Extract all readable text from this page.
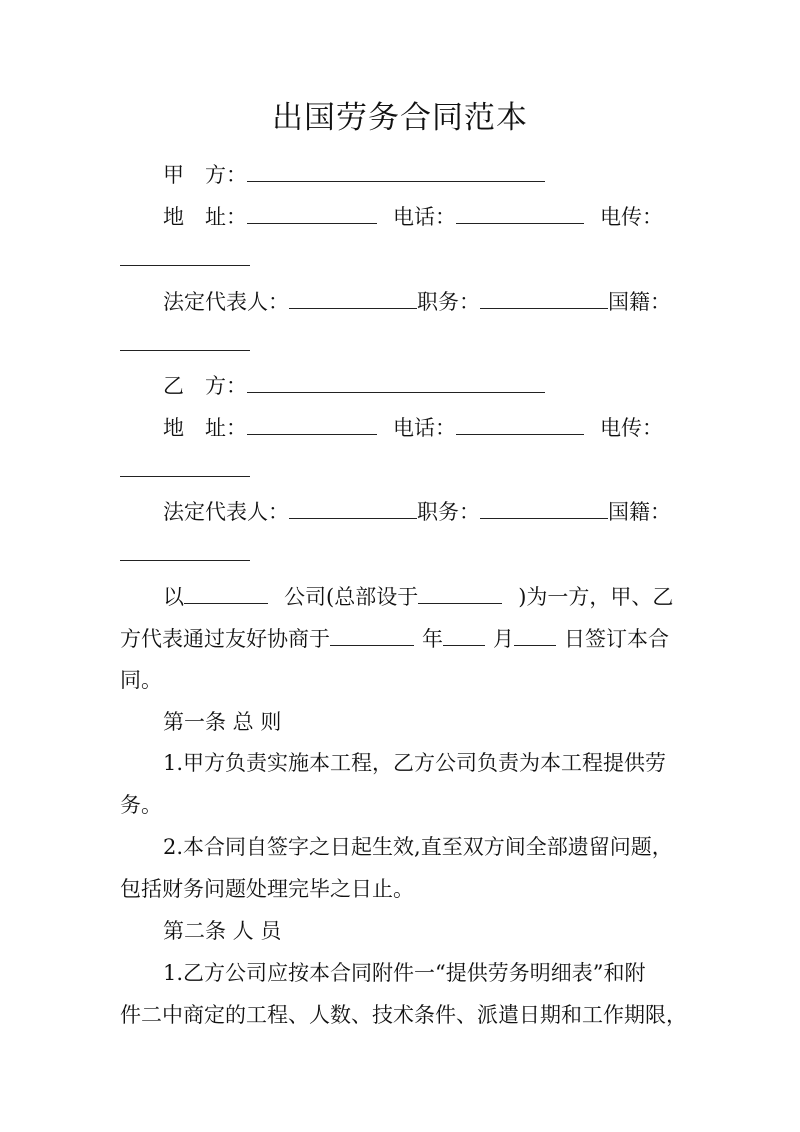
出国劳务合同范本
甲　方：
地　址：	电话：	电传：
法定代表人：	职务：	国籍：
乙　方：
地　址：	电话：	电传：
法定代表人：	职务：	国籍：
以	公司(总部设于	)为一方，甲、乙
方代表通过友好协商于	年 月 日签订本合
同。
第一条 总 则
1.甲方负责实施本工程，乙方公司负责为本工程提供劳
务。
2.本合同自签字之日起生效,直至双方间全部遗留问题，
包括财务问题处理完毕之日止。
第二条 人 员
1.乙方公司应按本合同附件一“提供劳务明细表”和附
件二中商定的工程、人数、技术条件、派遣日期和工作期限，
